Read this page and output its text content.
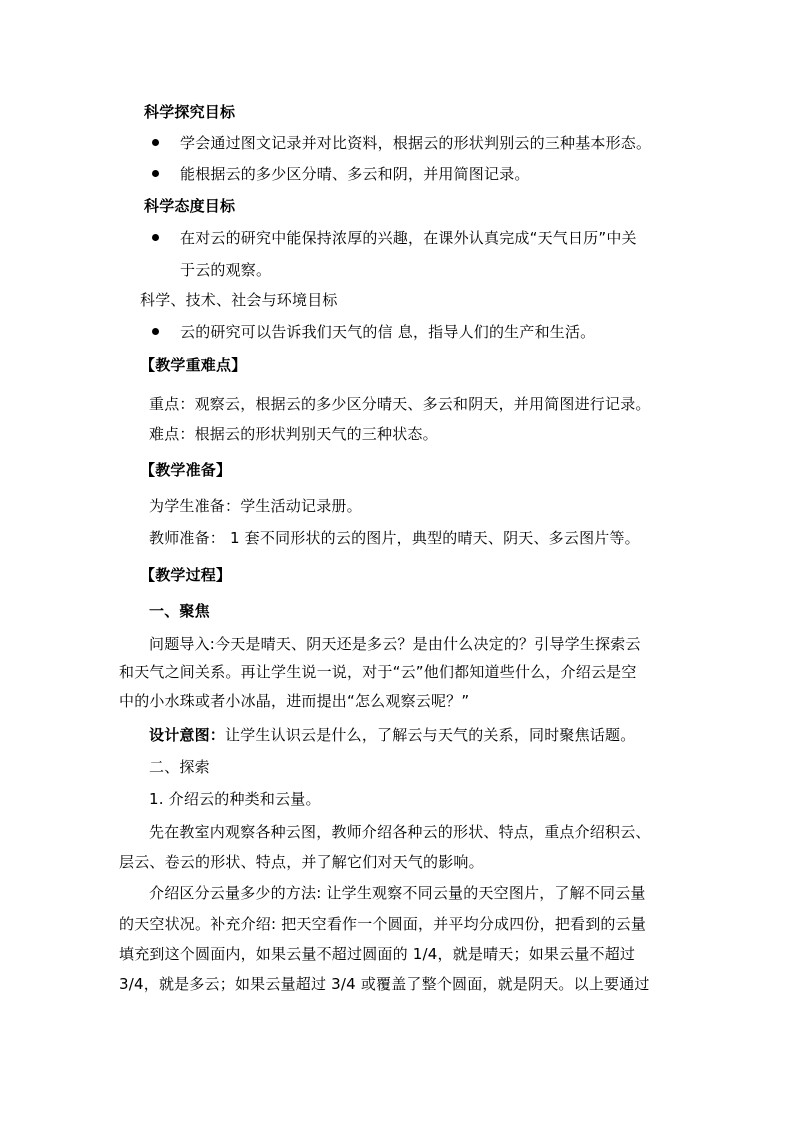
科学探究目标
学会通过图文记录并对比资料，根据云的形状判别云的三种基本形态。
能根据云的多少区分晴、多云和阴，并用简图记录。
科学态度目标
在对云的研究中能保持浓厚的兴趣，在课外认真完成“天气日历”中关
于云的观察。
科学、技术、社会与环境目标
云的研究可以告诉我们天气的信 息，指导人们的生产和生活。
【教学重难点】
重点：观察云，根据云的多少区分晴天、多云和阴天，并用简图进行记录。
难点：根据云的形状判别天气的三种状态。
【教学准备】
为学生准备：学生活动记录册。
教师准备： 1 套不同形状的云的图片，典型的晴天、阴天、多云图片等。
【教学过程】
一、聚焦
问题导入:今天是晴天、阴天还是多云？是由什么决定的？引导学生探索云
和天气之间关系。再让学生说一说，对于“云”他们都知道些什么，介绍云是空
中的小水珠或者小冰晶，进而提出“怎么观察云呢？”
设计意图：让学生认识云是什么，了解云与天气的关系，同时聚焦话题。
二、探索
1. 介绍云的种类和云量。
先在教室内观察各种云图，教师介绍各种云的形状、特点，重点介绍积云、
层云、卷云的形状、特点，并了解它们对天气的影响。
介绍区分云量多少的方法: 让学生观察不同云量的天空图片，了解不同云量
的天空状况。补充介绍: 把天空看作一个圆面，并平均分成四份，把看到的云量
填充到这个圆面内，如果云量不超过圆面的 1/4，就是晴天；如果云量不超过
3/4，就是多云；如果云量超过 3/4 或覆盖了整个圆面，就是阴天。以上要通过
